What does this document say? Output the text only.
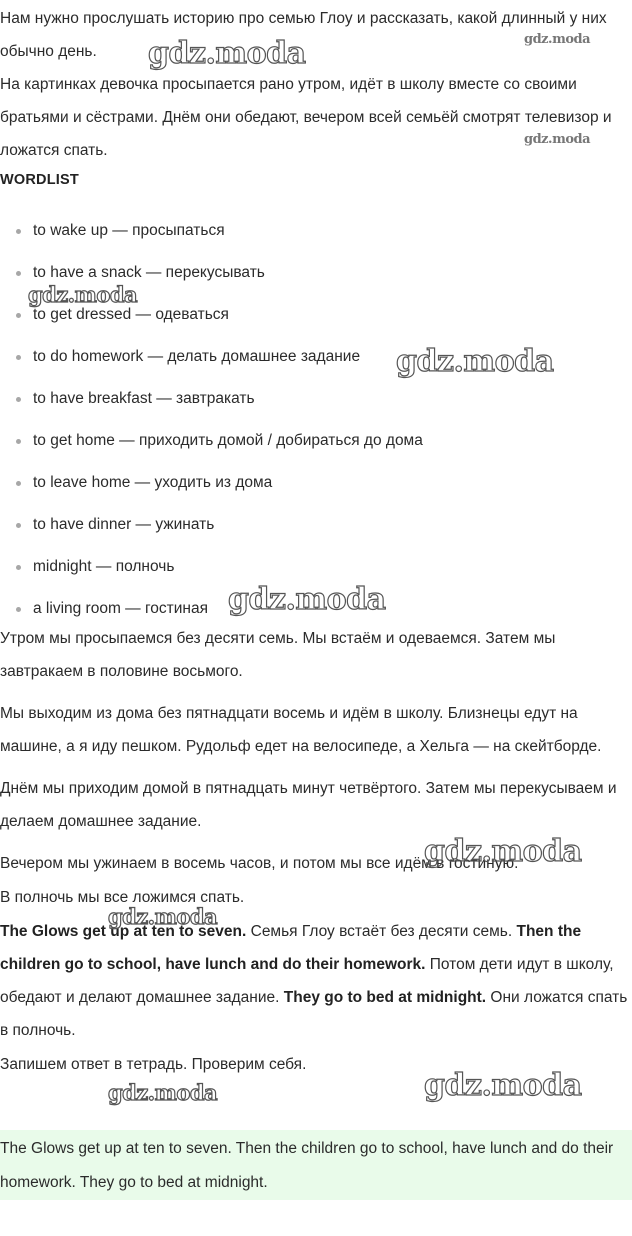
Нам нужно прослушать историю про семью Глоу и рассказать, какой длинный у них обычно день.

На картинках девочка просыпается рано утром, идёт в школу вместе со своими братьями и сёстрами. Днём они обедают, вечером всей семьёй смотрят телевизор и ложатся спать.

WORDLIST
to wake up — просыпаться
to have a snack — перекусывать
to get dressed — одеваться
to do homework — делать домашнее задание
to have breakfast — завтракать
to get home — приходить домой / добираться до дома
to leave home — уходить из дома
to have dinner — ужинать
midnight — полночь
a living room — гостиная

Утром мы просыпаемся без десяти семь. Мы встаём и одеваемся. Затем мы завтракаем в половине восьмого.

Мы выходим из дома без пятнадцати восемь и идём в школу. Близнецы едут на машине, а я иду пешком. Рудольф едет на велосипеде, а Хельга — на скейтборде.

Днём мы приходим домой в пятнадцать минут четвёртого. Затем мы перекусываем и делаем домашнее задание.

Вечером мы ужинаем в восемь часов, и потом мы все идём в гостиную.

В полночь мы все ложимся спать.

The Glows get up at ten to seven. Семья Глоу встаёт без десяти семь. Then the children go to school, have lunch and do their homework. Потом дети идут в школу, обедают и делают домашнее задание. They go to bed at midnight. Они ложатся спать в полночь.

Запишем ответ в тетрадь. Проверим себя.

The Glows get up at ten to seven. Then the children go to school, have lunch and do their homework. They go to bed at midnight.

gdz.moda	gdz.moda
gdz.moda
gdz.moda
gdz.moda
gdz.moda
gdz.moda
gdz.moda
gdz.moda
gdz.moda
